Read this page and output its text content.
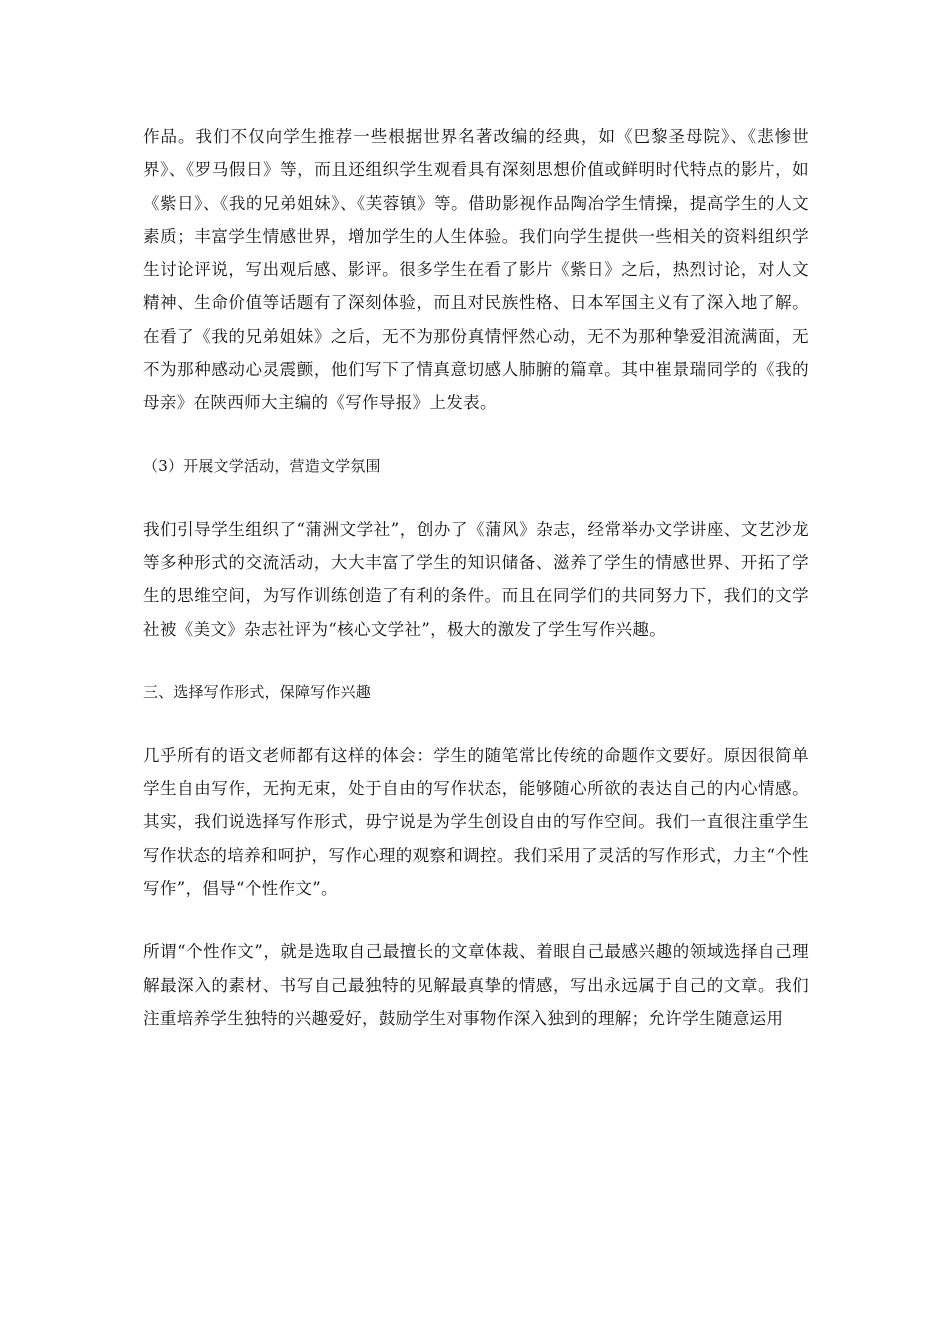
作品。我们不仅向学生推荐一些根据世界名著改编的经典，如《巴黎圣母院》、《悲惨世界》、《罗马假日》等，而且还组织学生观看具有深刻思想价值或鲜明时代特点的影片，如《紫日》、《我的兄弟姐妹》、《芙蓉镇》等。借助影视作品陶冶学生情操，提高学生的人文素质；丰富学生情感世界，增加学生的人生体验。我们向学生提供一些相关的资料组织学生讨论评说，写出观后感、影评。很多学生在看了影片《紫日》之后，热烈讨论，对人文精神、生命价值等话题有了深刻体验，而且对民族性格、日本军国主义有了深入地了解。在看了《我的兄弟姐妹》之后，无不为那份真情怦然心动，无不为那种挚爱泪流满面，无不为那种感动心灵震颤，他们写下了情真意切感人肺腑的篇章。其中崔景瑞同学的《我的母亲》在陕西师大主编的《写作导报》上发表。

（3）开展文学活动，营造文学氛围

我们引导学生组织了“蒲洲文学社”，创办了《蒲风》杂志，经常举办文学讲座、文艺沙龙等多种形式的交流活动，大大丰富了学生的知识储备、滋养了学生的情感世界、开拓了学生的思维空间，为写作训练创造了有利的条件。而且在同学们的共同努力下，我们的文学社被《美文》杂志社评为“核心文学社”，极大的激发了学生写作兴趣。

三、选择写作形式，保障写作兴趣

几乎所有的语文老师都有这样的体会：学生的随笔常比传统的命题作文要好。原因很简单学生自由写作，无拘无束，处于自由的写作状态，能够随心所欲的表达自己的内心情感。其实，我们说选择写作形式，毋宁说是为学生创设自由的写作空间。我们一直很注重学生写作状态的培养和呵护，写作心理的观察和调控。我们采用了灵活的写作形式，力主“个性写作”，倡导“个性作文”。

所谓“个性作文”，就是选取自己最擅长的文章体裁、着眼自己最感兴趣的领域选择自己理解最深入的素材、书写自己最独特的见解最真挚的情感，写出永远属于自己的文章。我们注重培养学生独特的兴趣爱好，鼓励学生对事物作深入独到的理解；允许学生随意运用
